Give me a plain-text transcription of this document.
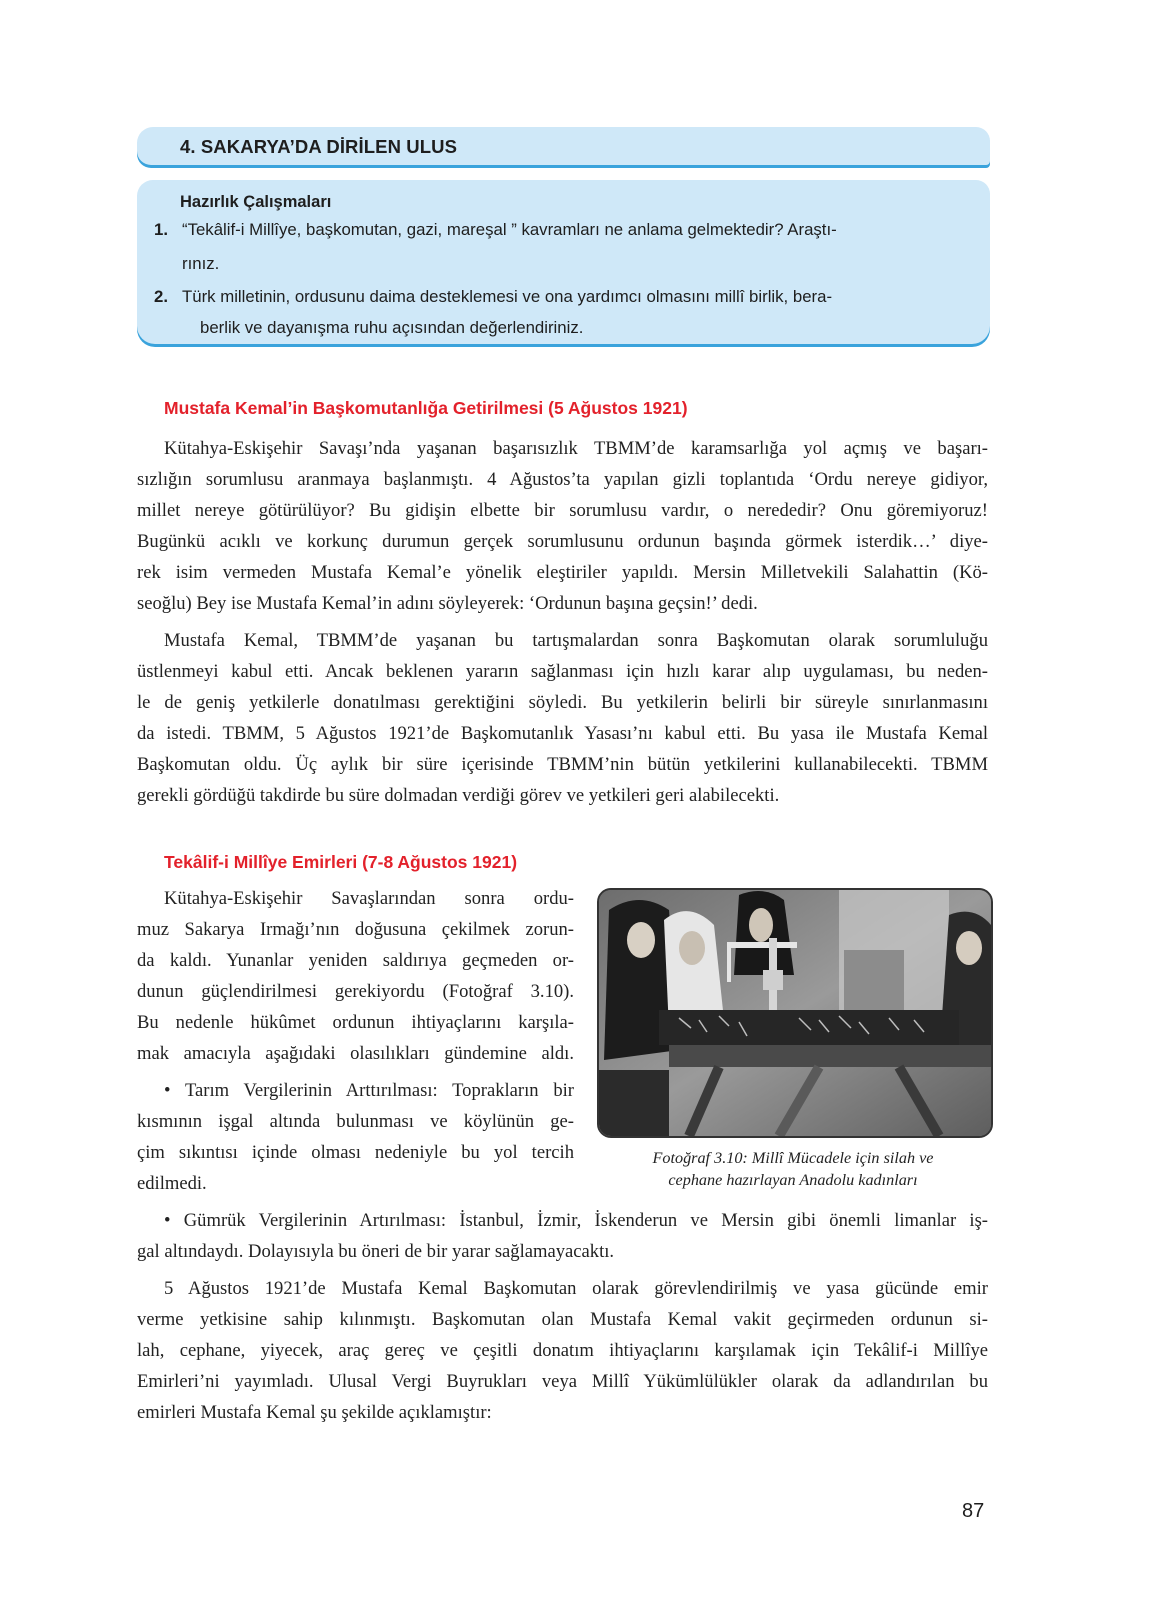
4. SAKARYA’DA DİRİLEN ULUS
Hazırlık Çalışmaları
1. “Tekâlif-i Millîye, başkomutan, gazi, mareşal ” kavramları ne anlama gelmektedir? Araştı-
rınız.
2. Türk milletinin, ordusunu daima desteklemesi ve ona yardımcı olmasını millî birlik, bera-
berlik ve dayanışma ruhu açısından değerlendiriniz.
Mustafa Kemal’in Başkomutanlığa Getirilmesi (5 Ağustos 1921)
Kütahya-Eskişehir Savaşı’nda yaşanan başarısızlık TBMM’de karamsarlığa yol açmış ve başarı-
sızlığın sorumlusu aranmaya başlanmıştı. 4 Ağustos’ta yapılan gizli toplantıda ‘Ordu nereye gidiyor,
millet nereye götürülüyor? Bu gidişin elbette bir sorumlusu vardır, o nerededir? Onu göremiyoruz!
Bugünkü acıklı ve korkunç durumun gerçek sorumlusunu ordunun başında görmek isterdik…’ diye-
rek isim vermeden Mustafa Kemal’e yönelik eleştiriler yapıldı. Mersin Milletvekili Salahattin (Kö-
seoğlu) Bey ise Mustafa Kemal’in adını söyleyerek: ‘Ordunun başına geçsin!’ dedi.
Mustafa Kemal, TBMM’de yaşanan bu tartışmalardan sonra Başkomutan olarak sorumluluğu
üstlenmeyi kabul etti. Ancak beklenen yararın sağlanması için hızlı karar alıp uygulaması, bu neden-
le de geniş yetkilerle donatılması gerektiğini söyledi. Bu yetkilerin belirli bir süreyle sınırlanmasını
da istedi. TBMM, 5 Ağustos 1921’de Başkomutanlık Yasası’nı kabul etti. Bu yasa ile Mustafa Kemal
Başkomutan oldu. Üç aylık bir süre içerisinde TBMM’nin bütün yetkilerini kullanabilecekti. TBMM
gerekli gördüğü takdirde bu süre dolmadan verdiği görev ve yetkileri geri alabilecekti.
Tekâlif-i Millîye Emirleri (7-8 Ağustos 1921)
Kütahya-Eskişehir Savaşlarından sonra ordu-
muz Sakarya Irmağı’nın doğusuna çekilmek zorun-
da kaldı. Yunanlar yeniden saldırıya geçmeden or-
dunun güçlendirilmesi gerekiyordu (Fotoğraf 3.10).
Bu nedenle hükûmet ordunun ihtiyaçlarını karşıla-
mak amacıyla aşağıdaki olasılıkları gündemine aldı.
• Tarım Vergilerinin Arttırılması: Toprakların bir
kısmının işgal altında bulunması ve köylünün ge-
çim sıkıntısı içinde olması nedeniyle bu yol tercih
edilmedi.
Fotoğraf 3.10: Millî Mücadele için silah ve
cephane hazırlayan Anadolu kadınları
• Gümrük Vergilerinin Artırılması: İstanbul, İzmir, İskenderun ve Mersin gibi önemli limanlar iş-
gal altındaydı. Dolayısıyla bu öneri de bir yarar sağlamayacaktı.
5 Ağustos 1921’de Mustafa Kemal Başkomutan olarak görevlendirilmiş ve yasa gücünde emir
verme yetkisine sahip kılınmıştı. Başkomutan olan Mustafa Kemal vakit geçirmeden ordunun si-
lah, cephane, yiyecek, araç gereç ve çeşitli donatım ihtiyaçlarını karşılamak için Tekâlif-i Millîye
Emirleri’ni yayımladı. Ulusal Vergi Buyrukları veya Millî Yükümlülükler olarak da adlandırılan bu
emirleri Mustafa Kemal şu şekilde açıklamıştır:
87
